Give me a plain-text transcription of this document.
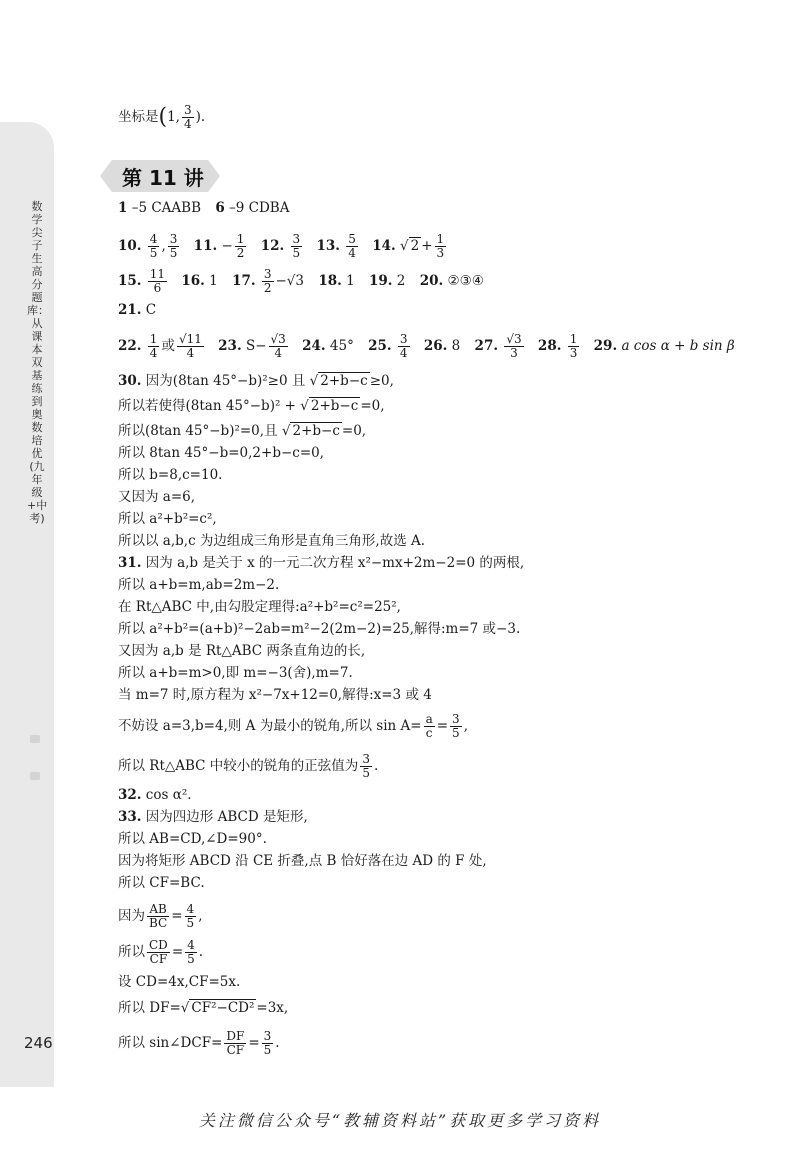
数学尖子生高分题库：从课本双基练到奥数培优(九年级+中考)
246
第 11 讲
坐标是(1, $\frac{3}{4}$ ).
1 –5 CAABB 6 –9 CDBA
10. $\frac{4}{5}$ , $\frac{3}{5} 11$. − $\frac{1}{2} 12$. $\frac{3}{5} 13$. $\frac{5}{4} 14$. √ $2 + \frac{1}{3}$
15. $\frac{11}{6} 16$. 1 17. $\frac{3}{2} -√3$ 18. 1 19. 2 20. ②③④
21. C
22. $\frac{1}{4}$ 或 $\frac{√11}{4} 23$. $S- \frac{√3}{4} 24$. 45° 25. $\frac{3}{4} 26$. 8 27. $\frac{√3}{3} 28$. $\frac{1}{3} 29$. a cos α + b sin β
30. 因为(8tan 45°−b)²≥0 且 √ 2+b−c ≥0,
所以若使得(8tan 45°−b)² + √ 2+b−c =0,
所以(8tan 45°−b)²=0,且 √ 2+b−c =0,
所以 8tan 45°−b=0,2+b−c=0,
所以 b=8,c=10.
又因为 a=6,
所以 a²+b²=c²,
所以以 a,b,c 为边组成三角形是直角三角形,故选 A.
31. 因为 a,b 是关于 x 的一元二次方程 x²−mx+2m−2=0 的两根,
所以 a+b=m,ab=2m−2.
在 Rt△ABC 中,由勾股定理得:a²+b²=c²=25²,
所以 a²+b²=(a+b)²−2ab=m²−2(2m−2)=25,解得:m=7 或−3.
又因为 a,b 是 Rt△ABC 两条直角边的长,
所以 a+b=m>0,即 m=−3(舍),m=7.
当 m=7 时,原方程为 x²−7x+12=0,解得:x=3 或 4
不妨设 a=3,b=4,则 A 为最小的锐角,所以 $\sin A= \frac{a}{c} = \frac{3}{5}$ ,
所以 Rt△ABC 中较小的锐角的正弦值为 $\frac{3}{5}$ .
32. cos α².
33. 因为四边形 ABCD 是矩形,
所以 AB=CD,∠D=90°.
因为将矩形 ABCD 沿 CE 折叠,点 B 恰好落在边 AD 的 F 处,
所以 CF=BC.
因为 $\frac{AB}{BC} = \frac{4}{5}$ ,
所以 $\frac{CD}{CF} = \frac{4}{5}$ .
设 CD=4x,CF=5x.
所以 DF=√ CF²−CD² =3x,
所以 sin∠DCF= $\frac{DF}{CF} = \frac{3}{5}$ .
关注微信公众号“教辅资料站”获取更多学习资料
